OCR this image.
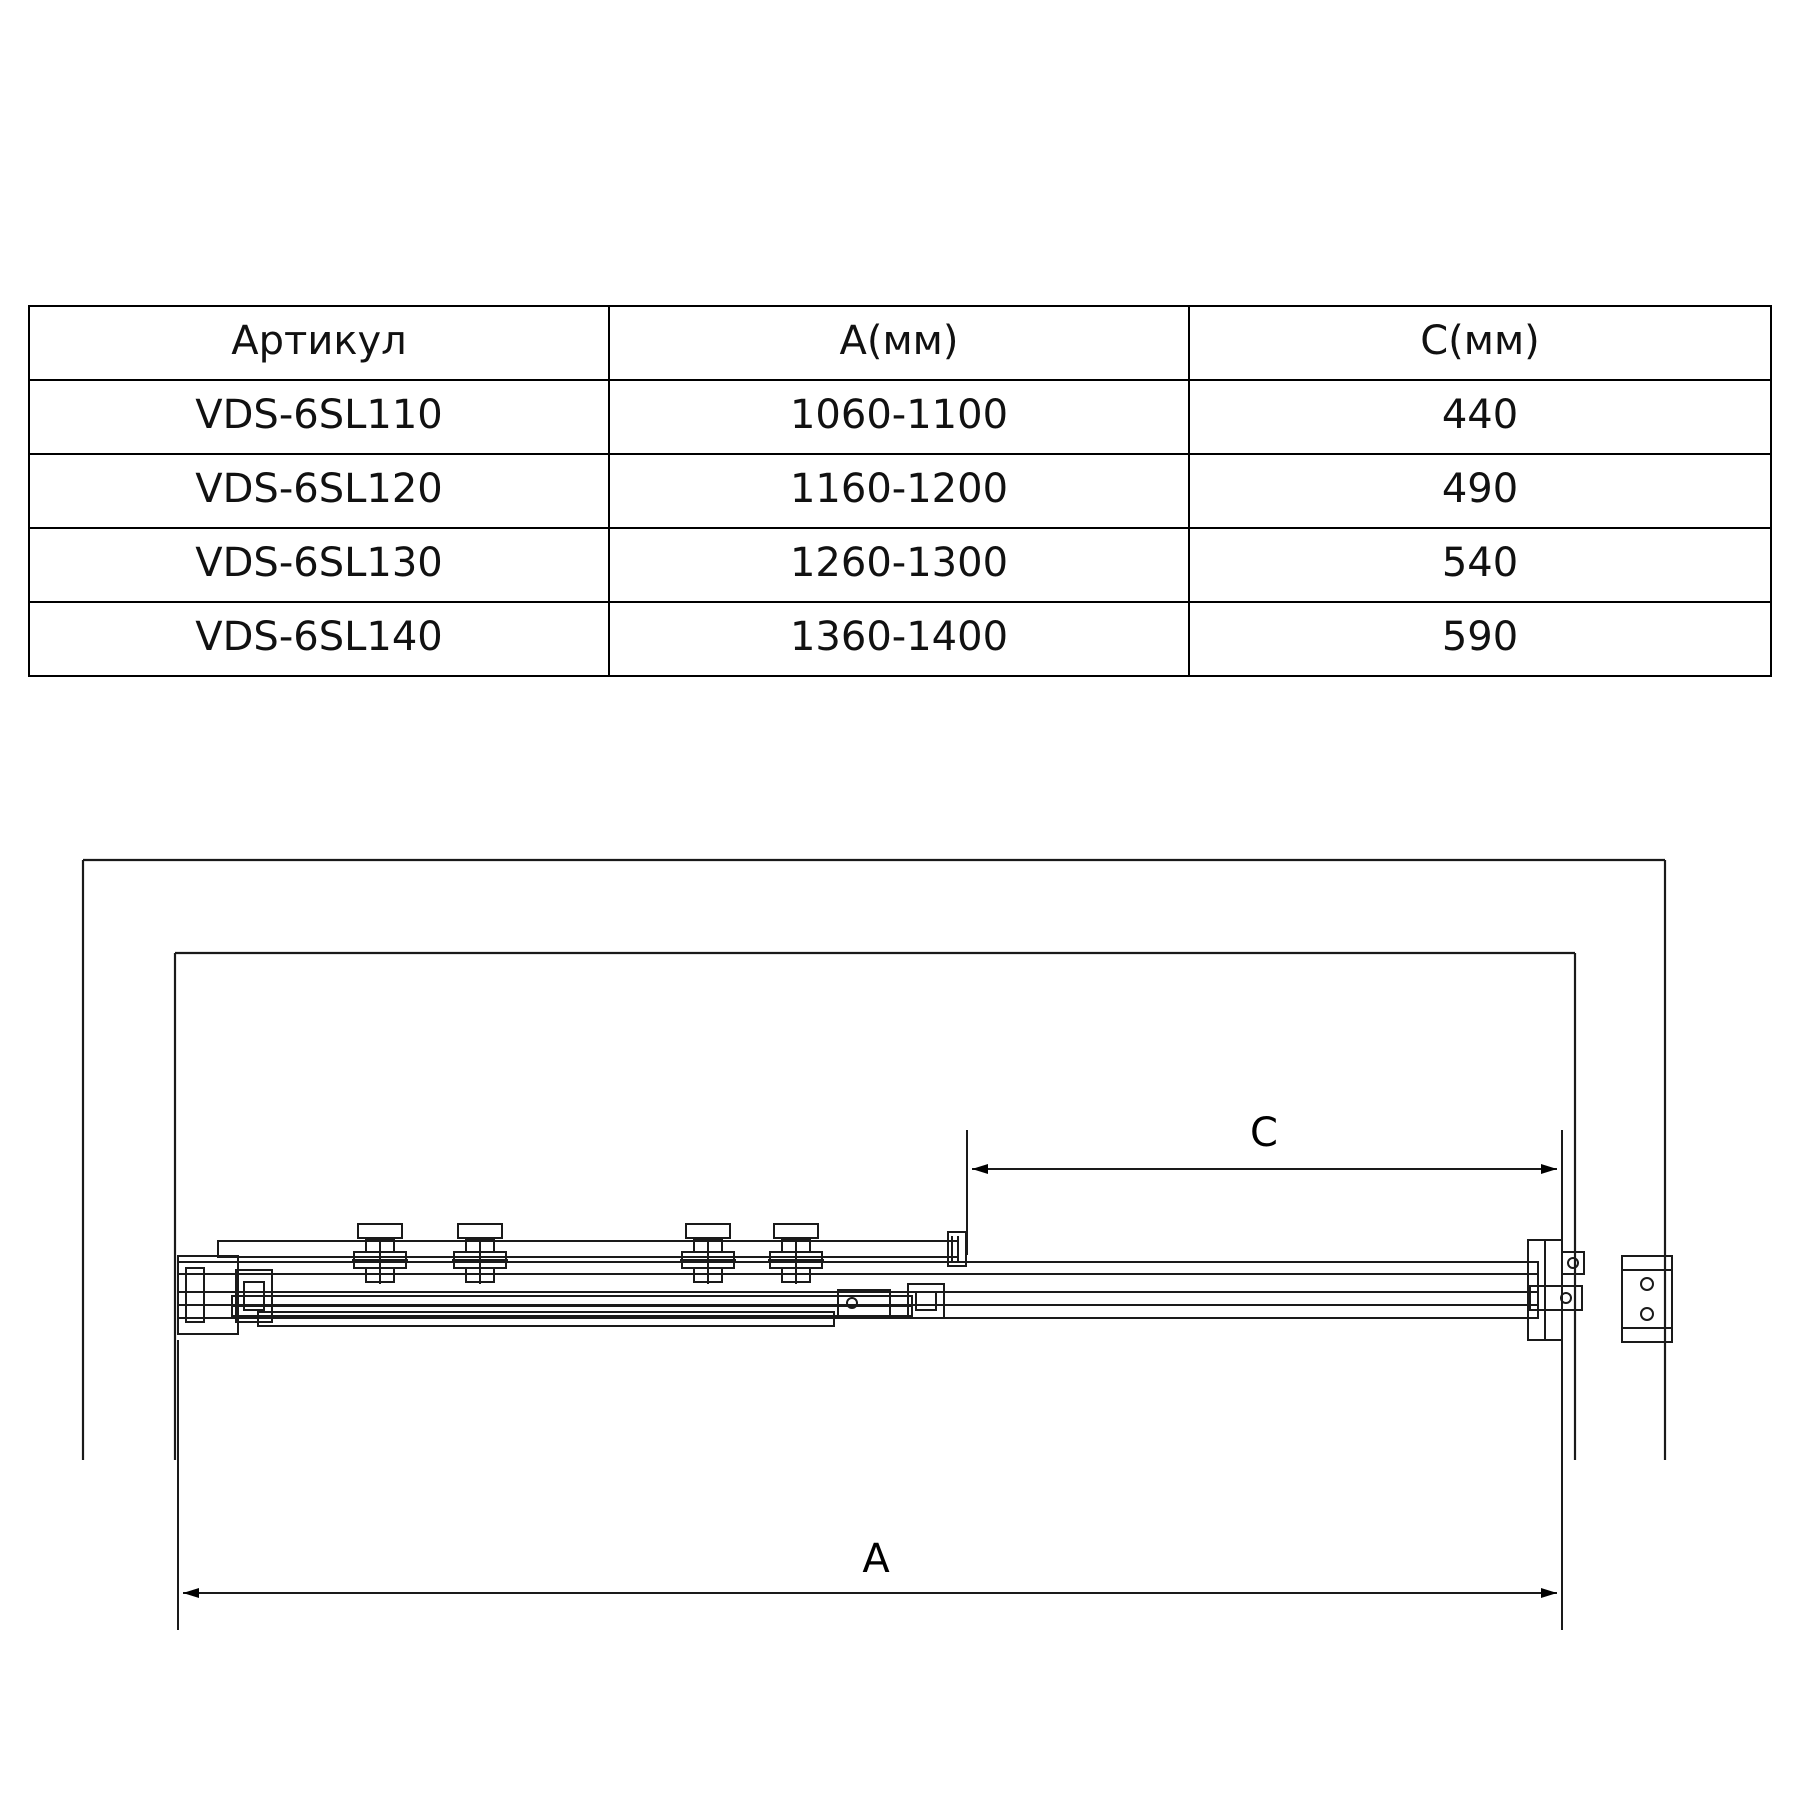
Артикул	A(мм)	C(мм)
VDS-6SL110	1060-1100	440
VDS-6SL120	1160-1200	490
VDS-6SL130	1260-1300	540
VDS-6SL140	1360-1400	590
C
A
